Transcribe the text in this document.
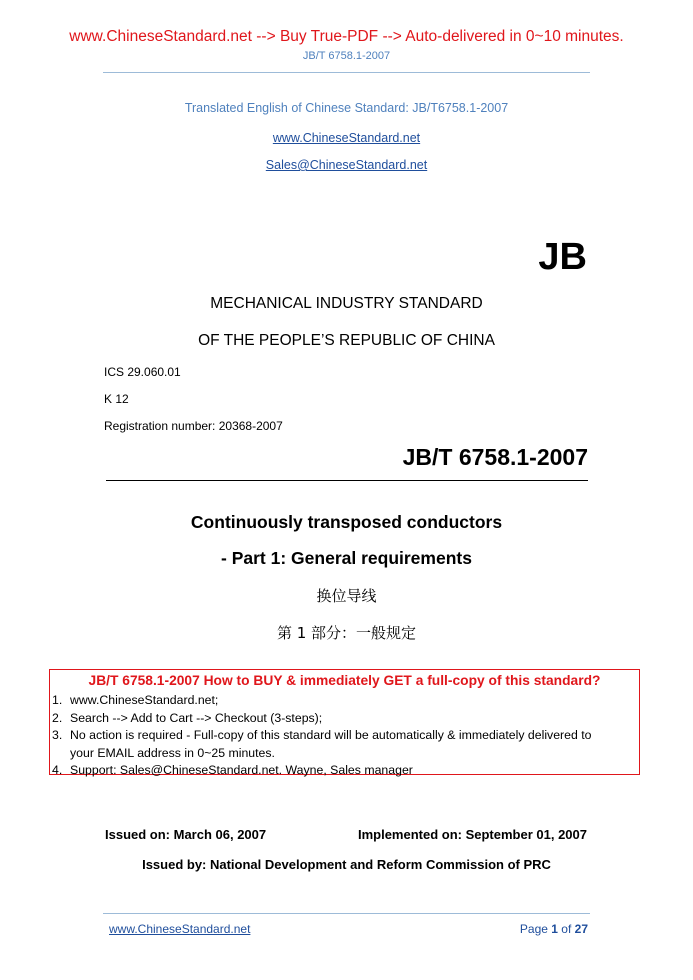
www.ChineseStandard.net --> Buy True-PDF --> Auto-delivered in 0~10 minutes.
JB/T 6758.1-2007
Translated English of Chinese Standard: JB/T6758.1-2007
www.ChineseStandard.net
Sales@ChineseStandard.net
JB
MECHANICAL INDUSTRY STANDARD
OF THE PEOPLE’S REPUBLIC OF CHINA
ICS 29.060.01
K 12
Registration number: 20368-2007
JB/T 6758.1-2007
Continuously transposed conductors
- Part 1: General requirements
换位导线
第 1 部分：一般规定
JB/T 6758.1-2007 How to BUY & immediately GET a full-copy of this standard?
1. www.ChineseStandard.net;
2. Search --> Add to Cart --> Checkout (3-steps);
3. No action is required - Full-copy of this standard will be automatically & immediately delivered to
your EMAIL address in 0~25 minutes.
4. Support: Sales@ChineseStandard.net. Wayne, Sales manager
Issued on: March 06, 2007	Implemented on: September 01, 2007
Issued by: National Development and Reform Commission of PRC
www.ChineseStandard.net	Page 1 of 27
